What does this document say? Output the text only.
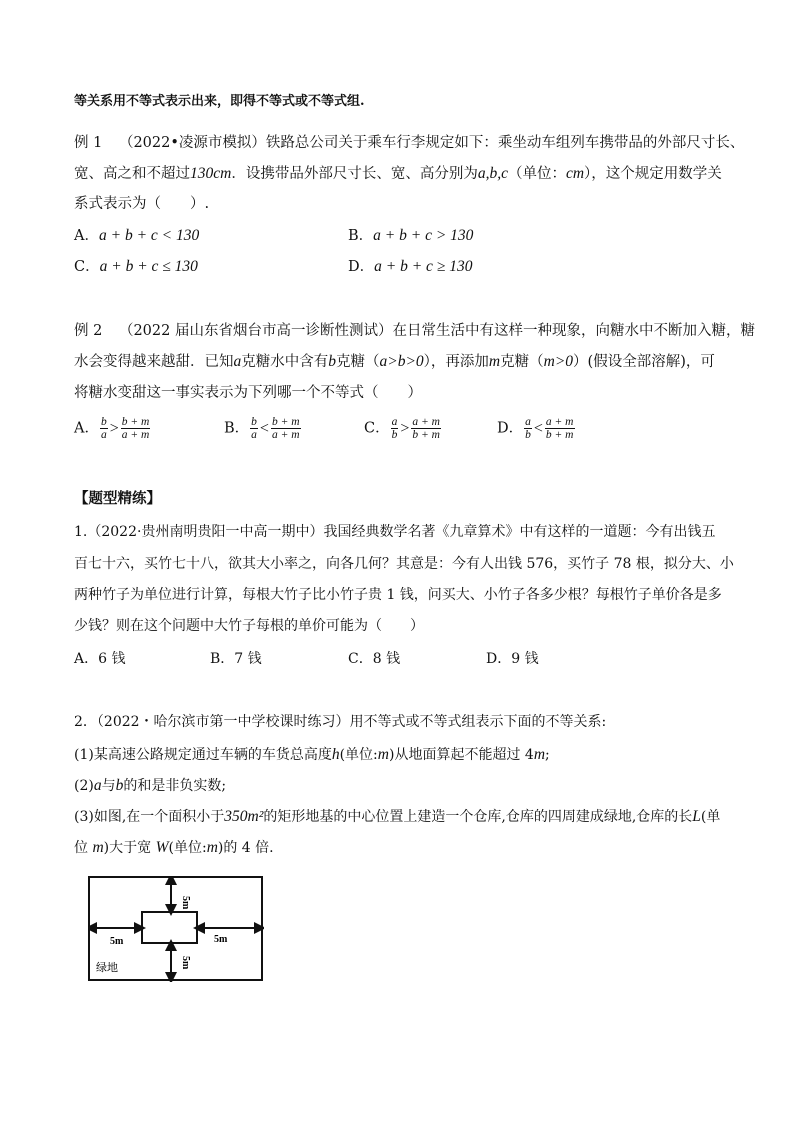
等关系用不等式表示出来，即得不等式或不等式组.
例 1 （2022•凌源市模拟）铁路总公司关于乘车行李规定如下：乘坐动车组列车携带品的外部尺寸长、
宽、高之和不超过130cm．设携带品外部尺寸长、宽、高分别为a,b,c（单位：cm），这个规定用数学关
系式表示为（　　）.
A．a + b + c < 130	B．a + b + c > 130
C．a + b + c ≤ 130	D．a + b + c ≥ 130
例 2 （2022 届山东省烟台市高一诊断性测试）在日常生活中有这样一种现象，向糖水中不断加入糖，糖
水会变得越来越甜．已知a克糖水中含有b克糖（a>b>0），再添加m克糖（m>0）(假设全部溶解)，可
将糖水变甜这一事实表示为下列哪一个不等式（　　）
A． $\frac{b}{a} > \frac{b + m}{a + m}$	B． $\frac{b}{a} < \frac{b + m}{a + m}$	C． $\frac{a}{b} > \frac{a + m}{b + m}$	D． $\frac{a}{b} < \frac{a + m}{b + m}$
【题型精练】
1.（2022·贵州南明贵阳一中高一期中）我国经典数学名著《九章算术》中有这样的一道题：今有出钱五
百七十六，买竹七十八，欲其大小率之，向各几何？其意是：今有人出钱 576，买竹子 78 根，拟分大、小
两种竹子为单位进行计算，每根大竹子比小竹子贵 1 钱，问买大、小竹子各多少根？每根竹子单价各是多
少钱？则在这个问题中大竹子每根的单价可能为（　　）
A．6 钱	B．7 钱	C．8 钱	D．9 钱
2．（2022・哈尔滨市第一中学校课时练习）用不等式或不等式组表示下面的不等关系:
(1)某高速公路规定通过车辆的车货总高度h(单位:m)从地面算起不能超过 4m;
(2)a与b的和是非负实数;
(3)如图,在一个面积小于350m²的矩形地基的中心位置上建造一个仓库,仓库的四周建成绿地,仓库的长L(单
位 m)大于宽 W(单位:m)的 4 倍.
5m
5m
5m	5m
绿地
